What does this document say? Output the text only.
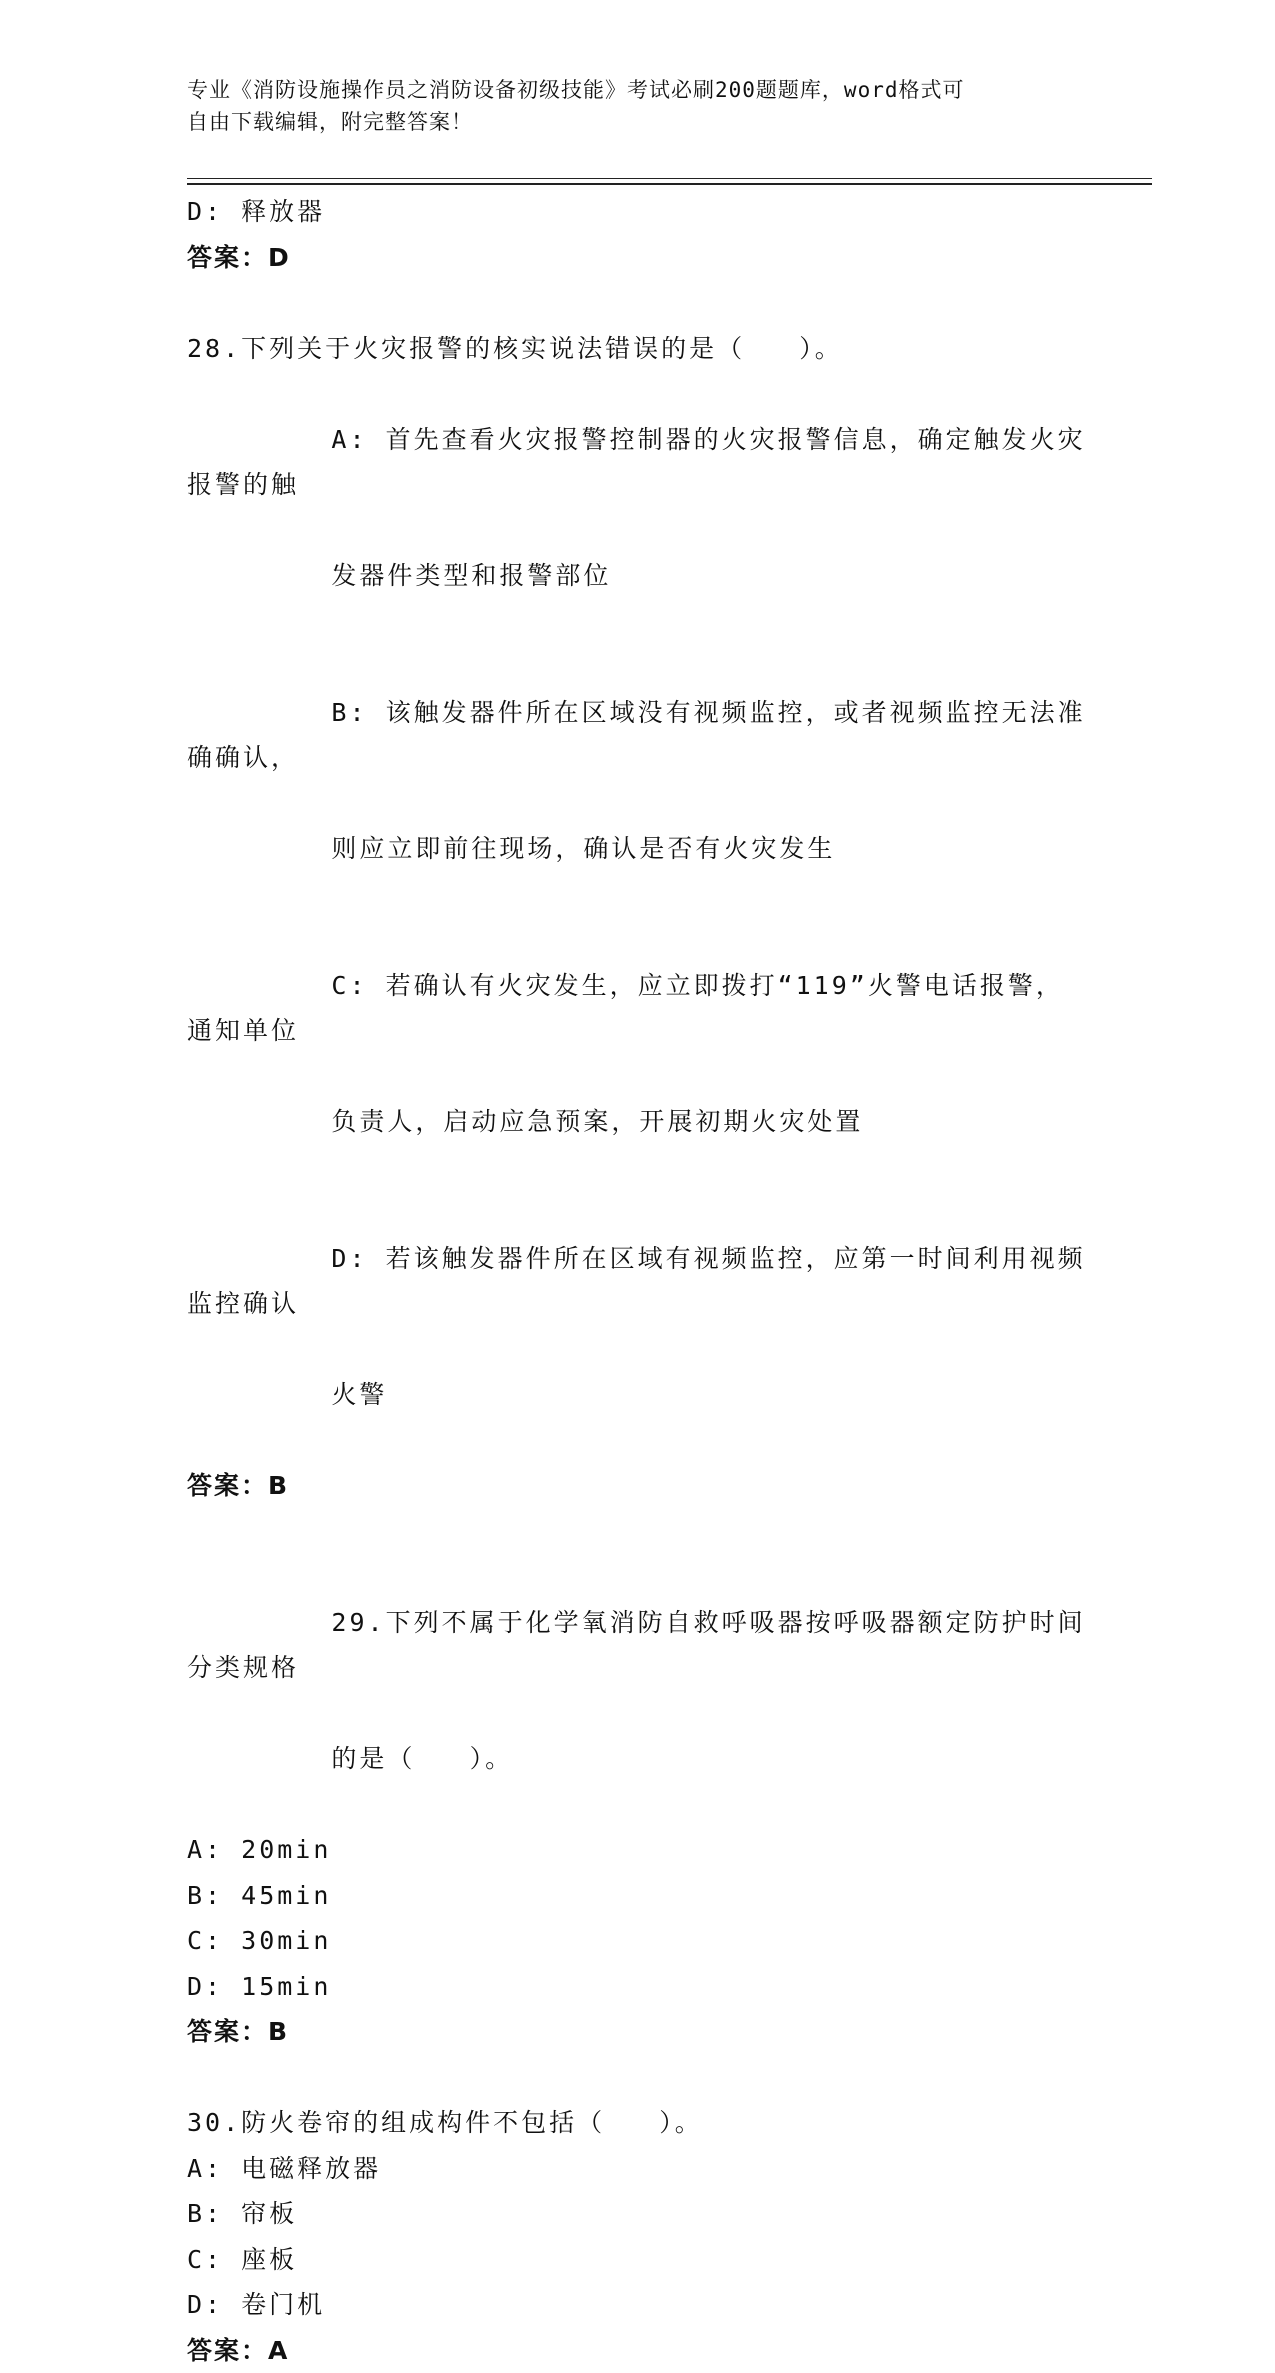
专业《消防设施操作员之消防设备初级技能》考试必刷200题题库，word格式可
自由下载编辑，附完整答案！
D: 释放器
答案：D
28.下列关于火灾报警的核实说法错误的是（   ）。

A: 首先查看火灾报警控制器的火灾报警信息，确定触发火灾报警的触

发器件类型和报警部位

B: 该触发器件所在区域没有视频监控，或者视频监控无法准确确认，

则应立即前往现场，确认是否有火灾发生

C: 若确认有火灾发生，应立即拨打“119”火警电话报警，通知单位

负责人，启动应急预案，开展初期火灾处置

D: 若该触发器件所在区域有视频监控，应第一时间利用视频监控确认

火警

答案：B

29.下列不属于化学氧消防自救呼吸器按呼吸器额定防护时间分类规格

的是（   ）。

A: 20min
B: 45min
C: 30min
D: 15min
答案：B
30.防火卷帘的组成构件不包括（   ）。
A: 电磁释放器
B: 帘板
C: 座板
D: 卷门机
答案：A
